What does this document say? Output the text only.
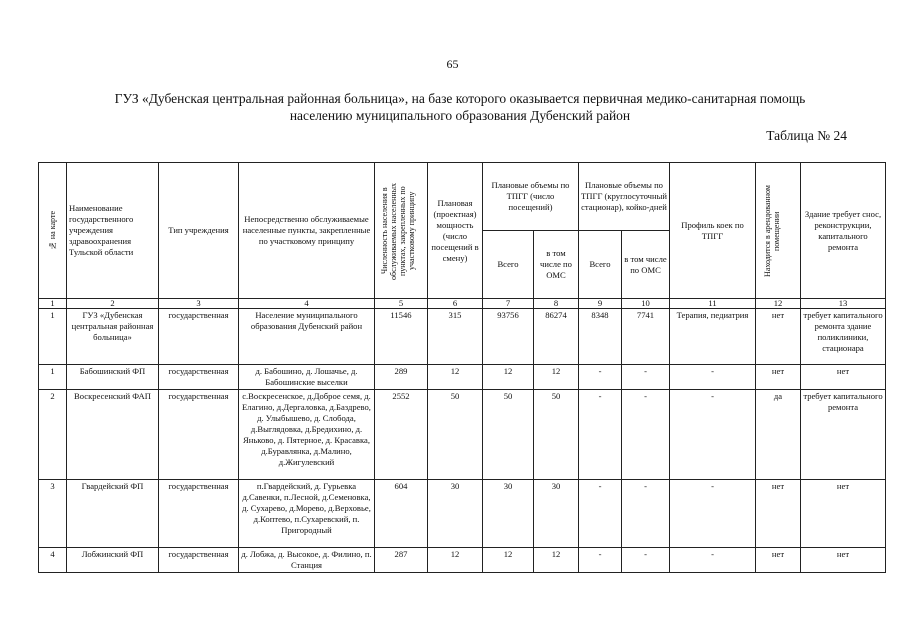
65
ГУЗ «Дубенская центральная районная больница», на базе которого оказывается первичная медико-санитарная помощь
населению муниципального образования Дубенский район
Таблица № 24
№ на карте	Наименование государственного учреждения здравоохранения Тульской области	Тип учреждения	Непосредственно обслуживаемые населенные пункты, закрепленные по участковому принципу	Численность населения в обслуживаемых населенных пунктах, закрепленных по участковому принципу	Плановая (проектная) мощность (число посещений в смену)	Плановые объемы по ТПГГ (число посещений)		Плановые объемы по ТПГГ (круглосуточный стационар), койко-дней		Профиль коек по ТПГГ	Находится в арендованном помещении	Здание требует снос, реконструкции, капитального ремонта
						Всего	в том числе по ОМС	Всего	в том числе по ОМС			
1	2	3	4	5	6	7	8	9	10	11	12	13
1	ГУЗ «Дубенская центральная районная больница»	государственная	Население муниципального образования Дубенский район	11546	315	93756	86274	8348	7741	Терапия, педиатрия	нет	требует капитального ремонта здание поликлиники, стационара
1	Бабошинский ФП	государственная	д. Бабошино, д. Лошачье, д. Бабошинские выселки	289	12	12	12	-	-	-	нет	нет
2	Воскресенский ФАП	государственная	с.Воскресенское, д.Доброе семя, д. Елагино, д.Дергаловка, д.Баздрево, д. Улыбышево, д. Слобода, д.Выглядовка, д.Бредихино, д. Яньково, д. Пятерное, д. Красавка, д.Буравлянка, д.Малино, д.Жигулевский	2552	50	50	50	-	-	-	да	требует капитального ремонта
3	Гвардейский ФП	государственная	п.Гвардейский, д. Гурьевка д.Савенки, п.Лесной, д.Семеновка, д. Сухарево, д.Морево, д.Верховье, д.Коптево, п.Сухаревский, п. Пригородный	604	30	30	30	-	-	-	нет	нет
4	Лобжинский ФП	государственная	д. Лобжа, д. Высокое, д. Филино, п. Станция	287	12	12	12	-	-	-	нет	нет
